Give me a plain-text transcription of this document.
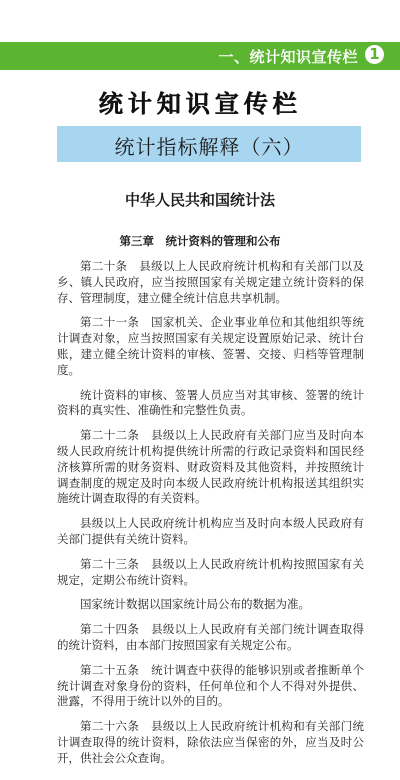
一、统计知识宣传栏 1
统计知识宣传栏
统计指标解释（六）
中华人民共和国统计法
第三章　统计资料的管理和公布

第二十条　县级以上人民政府统计机构和有关部门以及乡、镇人民政府，应当按照国家有关规定建立统计资料的保存、管理制度，建立健全统计信息共享机制。

第二十一条　国家机关、企业事业单位和其他组织等统计调查对象，应当按照国家有关规定设置原始记录、统计台账，建立健全统计资料的审核、签署、交接、归档等管理制度。

统计资料的审核、签署人员应当对其审核、签署的统计资料的真实性、准确性和完整性负责。

第二十二条　县级以上人民政府有关部门应当及时向本级人民政府统计机构提供统计所需的行政记录资料和国民经济核算所需的财务资料、财政资料及其他资料，并按照统计调查制度的规定及时向本级人民政府统计机构报送其组织实施统计调查取得的有关资料。

县级以上人民政府统计机构应当及时向本级人民政府有关部门提供有关统计资料。

第二十三条　县级以上人民政府统计机构按照国家有关规定，定期公布统计资料。

国家统计数据以国家统计局公布的数据为准。

第二十四条　县级以上人民政府有关部门统计调查取得的统计资料，由本部门按照国家有关规定公布。

第二十五条　统计调查中获得的能够识别或者推断单个统计调查对象身份的资料，任何单位和个人不得对外提供、泄露，不得用于统计以外的目的。

第二十六条　县级以上人民政府统计机构和有关部门统计调查取得的统计资料，除依法应当保密的外，应当及时公开，供社会公众查询。
